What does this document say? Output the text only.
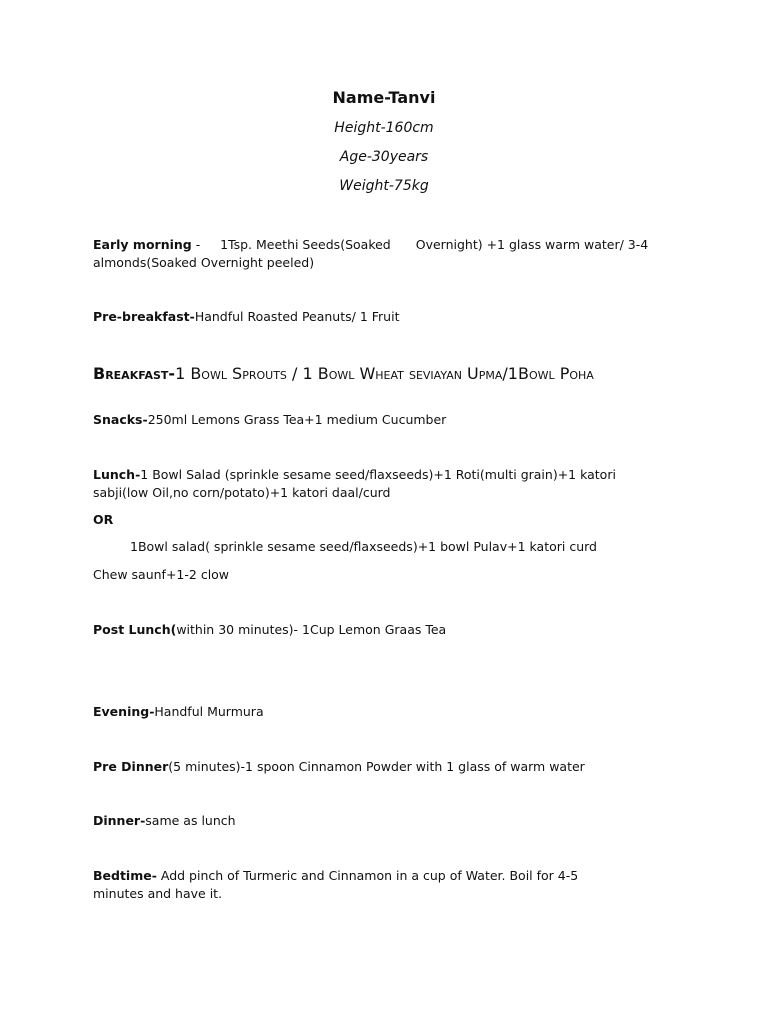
Name-Tanvi
Height-160cm
Age-30years
Weight-75kg
Early morning -     1Tsp. Meethi Seeds(Soaked Overnight) +1 glass warm water/ 3-4
almonds(Soaked Overnight peeled)
Pre-breakfast-Handful Roasted Peanuts/ 1 Fruit
Breakfast-1 Bowl Sprouts / 1 Bowl Wheat seviayan Upma/1Bowl Poha
Snacks-250ml Lemons Grass Tea+1 medium Cucumber
Lunch-1 Bowl Salad (sprinkle sesame seed/flaxseeds)+1 Roti(multi grain)+1 katori
sabji(low Oil,no corn/potato)+1 katori daal/curd
OR
1Bowl salad( sprinkle sesame seed/flaxseeds)+1 bowl Pulav+1 katori curd
Chew saunf+1-2 clow
Post Lunch(within 30 minutes)- 1Cup Lemon Graas Tea
Evening-Handful Murmura
Pre Dinner(5 minutes)-1 spoon Cinnamon Powder with 1 glass of warm water
Dinner-same as lunch
Bedtime- Add pinch of Turmeric and Cinnamon in a cup of Water. Boil for 4-5
minutes and have it.
